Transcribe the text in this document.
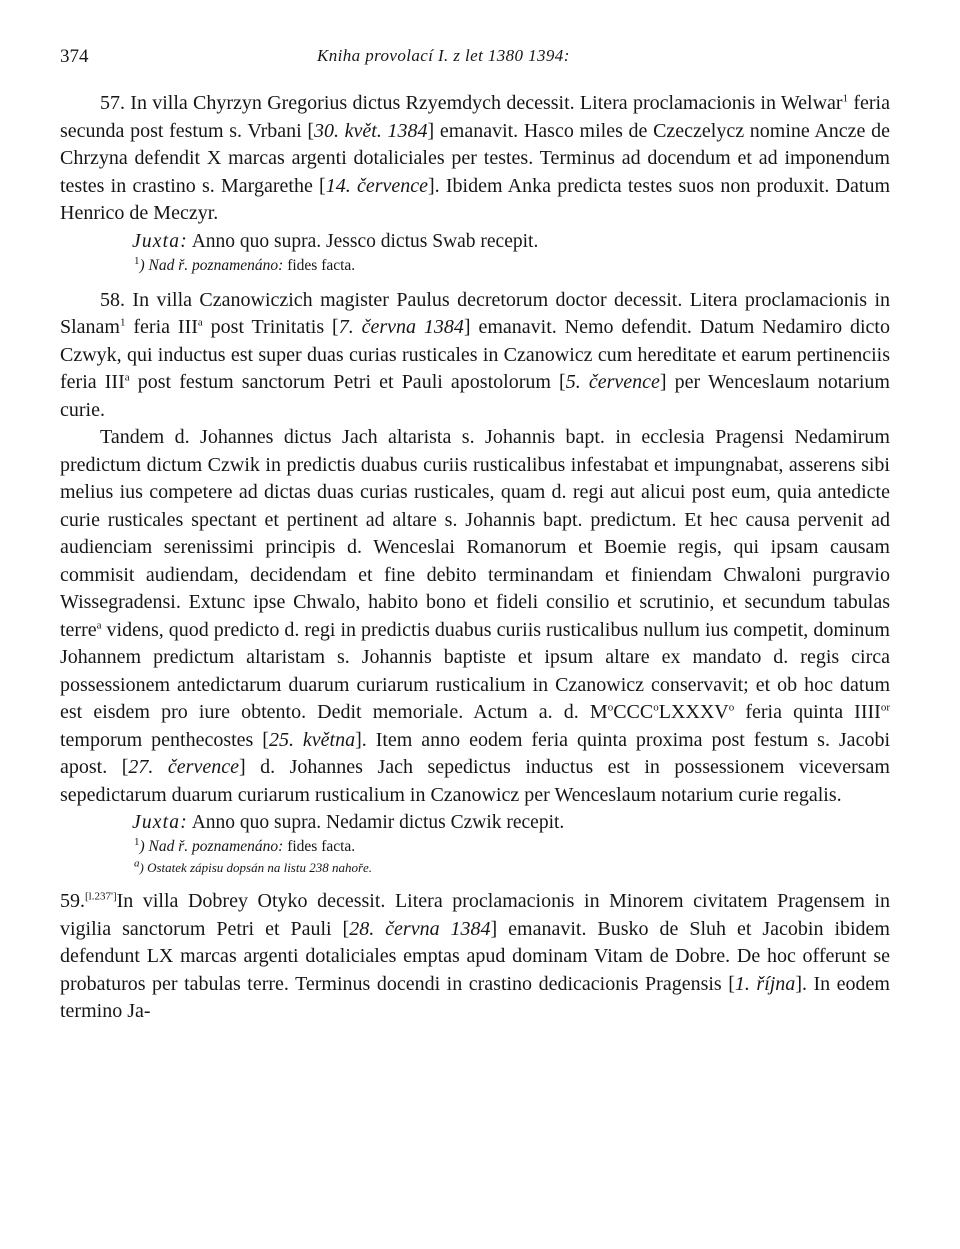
374	Kniha provolací I. z let 1380 1394:

57. In villa Chyrzyn Gregorius dictus Rzyemdych decessit. Litera proclamacionis in Welwar$^1$ feria secunda post festum s. Vrbani [30. květ. 1384] emanavit. Hasco miles de Czeczelycz nomine Ancze de Chrzyna defendit X marcas argenti dotaliciales per testes. Terminus ad docendum et ad imponendum testes in crastino s. Margarethe [14. července]. Ibidem Anka predicta testes suos non produxit. Datum Henrico de Meczyr.

Juxta: Anno quo supra. Jessco dictus Swab recepit.

$^1$) Nad ř. poznamenáno: fides facta.

58. In villa Czanowiczich magister Paulus decretorum doctor decessit. Litera proclamacionis in Slanam$^1$ feria III$^a$ post Trinitatis [7. června 1384] emanavit. Nemo defendit. Datum Nedamiro dicto Czwyk, qui inductus est super duas curias rusticales in Czanowicz cum hereditate et earum pertinenciis feria III$^a$ post festum sanctorum Petri et Pauli apostolorum [5. července] per Wenceslaum notarium curie.

Tandem d. Johannes dictus Jach altarista s. Johannis bapt. in ecclesia Pragensi Nedamirum predictum dictum Czwik in predictis duabus curiis rusticalibus infestabat et impungnabat, asserens sibi melius ius competere ad dictas duas curias rusticales, quam d. regi aut alicui post eum, quia antedicte curie rusticales spectant et pertinent ad altare s. Johannis bapt. predictum. Et hec causa pervenit ad audienciam serenissimi principis d. Wenceslai Romanorum et Boemie regis, qui ipsam causam commisit audiendam, decidendam et fine debito terminandam et finiendam Chwaloni purgravio Wissegradensi. Extunc ipse Chwalo, habito bono et fideli consilio et scrutinio, et secundum tabulas terre$^a$ videns, quod predicto d. regi in predictis duabus curiis rusticalibus nullum ius competit, dominum Johannem predictum altaristam s. Johannis baptiste et ipsum altare ex mandato d. regis circa possessionem antedictarum duarum curiarum rusticalium in Czanowicz conservavit; et ob hoc datum est eisdem pro iure obtento. Dedit memoriale. Actum a. d. $M^oCCC^oLXXXV^o$ feria quinta $IIII^{or}$ temporum penthecostes [25. května]. Item anno eodem feria quinta proxima post festum s. Jacobi apost. [27. července] d. Johannes Jach sepedictus inductus est in possessionem viceversam sepedictarum duarum curiarum rusticalium in Czanowicz per Wenceslaum notarium curie regalis.

Juxta: Anno quo supra. Nedamir dictus Czwik recepit.

$^1$) Nad ř. poznamenáno: fides facta.

$^a$) Ostatek zápisu dopsán na listu 238 nahoře.

59.[l.237']In villa Dobrey Otyko decessit. Litera proclamacionis in Minorem civitatem Pragensem in vigilia sanctorum Petri et Pauli [28. června 1384] emanavit. Busko de Sluh et Jacobin ibidem defendunt LX marcas argenti dotaliciales emptas apud dominam Vitam de Dobre. De hoc offerunt se probaturos per tabulas terre. Terminus docendi in crastino dedicacionis Pragensis [1. října]. In eodem termino Ja-
